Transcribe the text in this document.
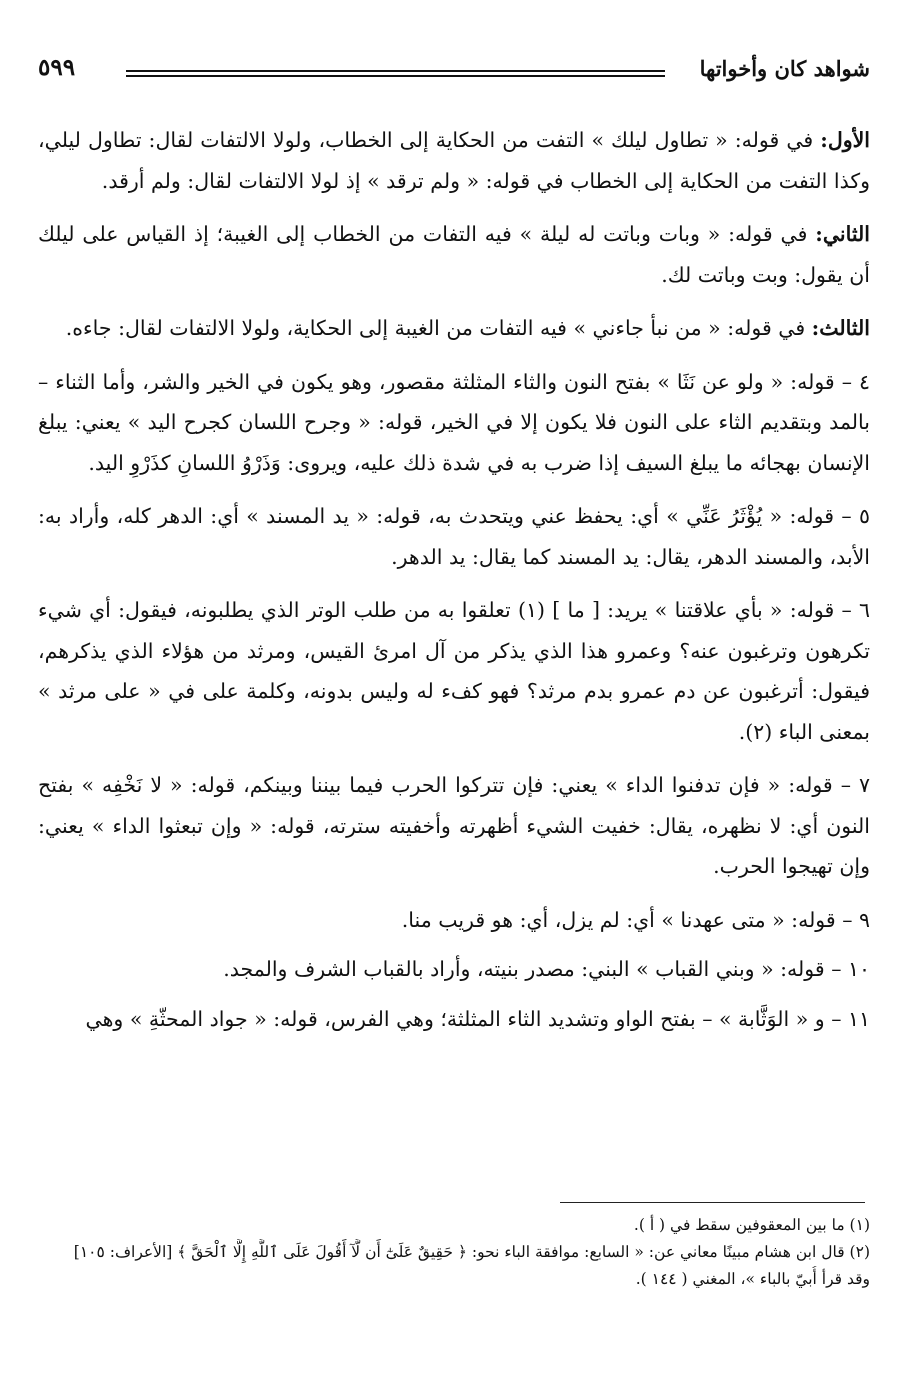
شواهد كان وأخواتها
٥٩٩

الأول: في قوله: « تطاول ليلك » التفت من الحكاية إلى الخطاب، ولولا الالتفات لقال: تطاول ليلي، وكذا التفت من الحكاية إلى الخطاب في قوله: « ولم ترقد » إذ لولا الالتفات لقال: ولم أرقد.

الثاني: في قوله: « وبات وباتت له ليلة » فيه التفات من الخطاب إلى الغيبة؛ إذ القياس على ليلك أن يقول: وبت وباتت لك.

الثالث: في قوله: « من نبأ جاءني » فيه التفات من الغيبة إلى الحكاية، ولولا الالتفات لقال: جاءه.

٤ – قوله: « ولو عن نَثَا » بفتح النون والثاء المثلثة مقصور، وهو يكون في الخير والشر، وأما الثناء – بالمد وبتقديم الثاء على النون فلا يكون إلا في الخير، قوله: « وجرح اللسان كجرح اليد » يعني: يبلغ الإنسان بهجائه ما يبلغ السيف إذا ضرب به في شدة ذلك عليه، ويروى: وَذَرْوُ اللسانِ كذَرْوِ اليد.

٥ – قوله: « يُؤْثَرُ عَنِّي » أي: يحفظ عني ويتحدث به، قوله: « يد المسند » أي: الدهر كله، وأراد به: الأبد، والمسند الدهر، يقال: يد المسند كما يقال: يد الدهر.

٦ – قوله: « بأي علاقتنا » يريد: [ ما ] (١) تعلقوا به من طلب الوتر الذي يطلبونه، فيقول: أي شيء تكرهون وترغبون عنه؟ وعمرو هذا الذي يذكر من آل امرئ القيس، ومرثد من هؤلاء الذي يذكرهم، فيقول: أترغبون عن دم عمرو بدم مرثد؟ فهو كفء له وليس بدونه، وكلمة على في « على مرثد » بمعنى الباء (٢).

٧ – قوله: « فإن تدفنوا الداء » يعني: فإن تتركوا الحرب فيما بيننا وبينكم، قوله: « لا نَخْفِه » بفتح النون أي: لا نظهره، يقال: خفيت الشيء أظهرته وأخفيته سترته، قوله: « وإن تبعثوا الداء » يعني: وإن تهيجوا الحرب.

٩ – قوله: « متى عهدنا » أي: لم يزل، أي: هو قريب منا.

١٠ – قوله: « وبني القباب » البني: مصدر بنيته، وأراد بالقباب الشرف والمجد.

١١ – و « الوَثَّابة » – بفتح الواو وتشديد الثاء المثلثة؛ وهي الفرس، قوله: « جواد المحثّةِ » وهي

(١) ما بين المعقوفين سقط في ( أ ).

(٢) قال ابن هشام مبينًا معاني عن: « السابع: موافقة الباء نحو: ﴿ حَقِيقٌ عَلَىٰٓ أَن لَّآ أَقُولَ عَلَى ٱللَّهِ إِلَّا ٱلْحَقَّ ﴾ [الأعراف: ١٠٥]

وقد قرأ أُبيّ بالباء »، المغني ( ١٤٤ ).
